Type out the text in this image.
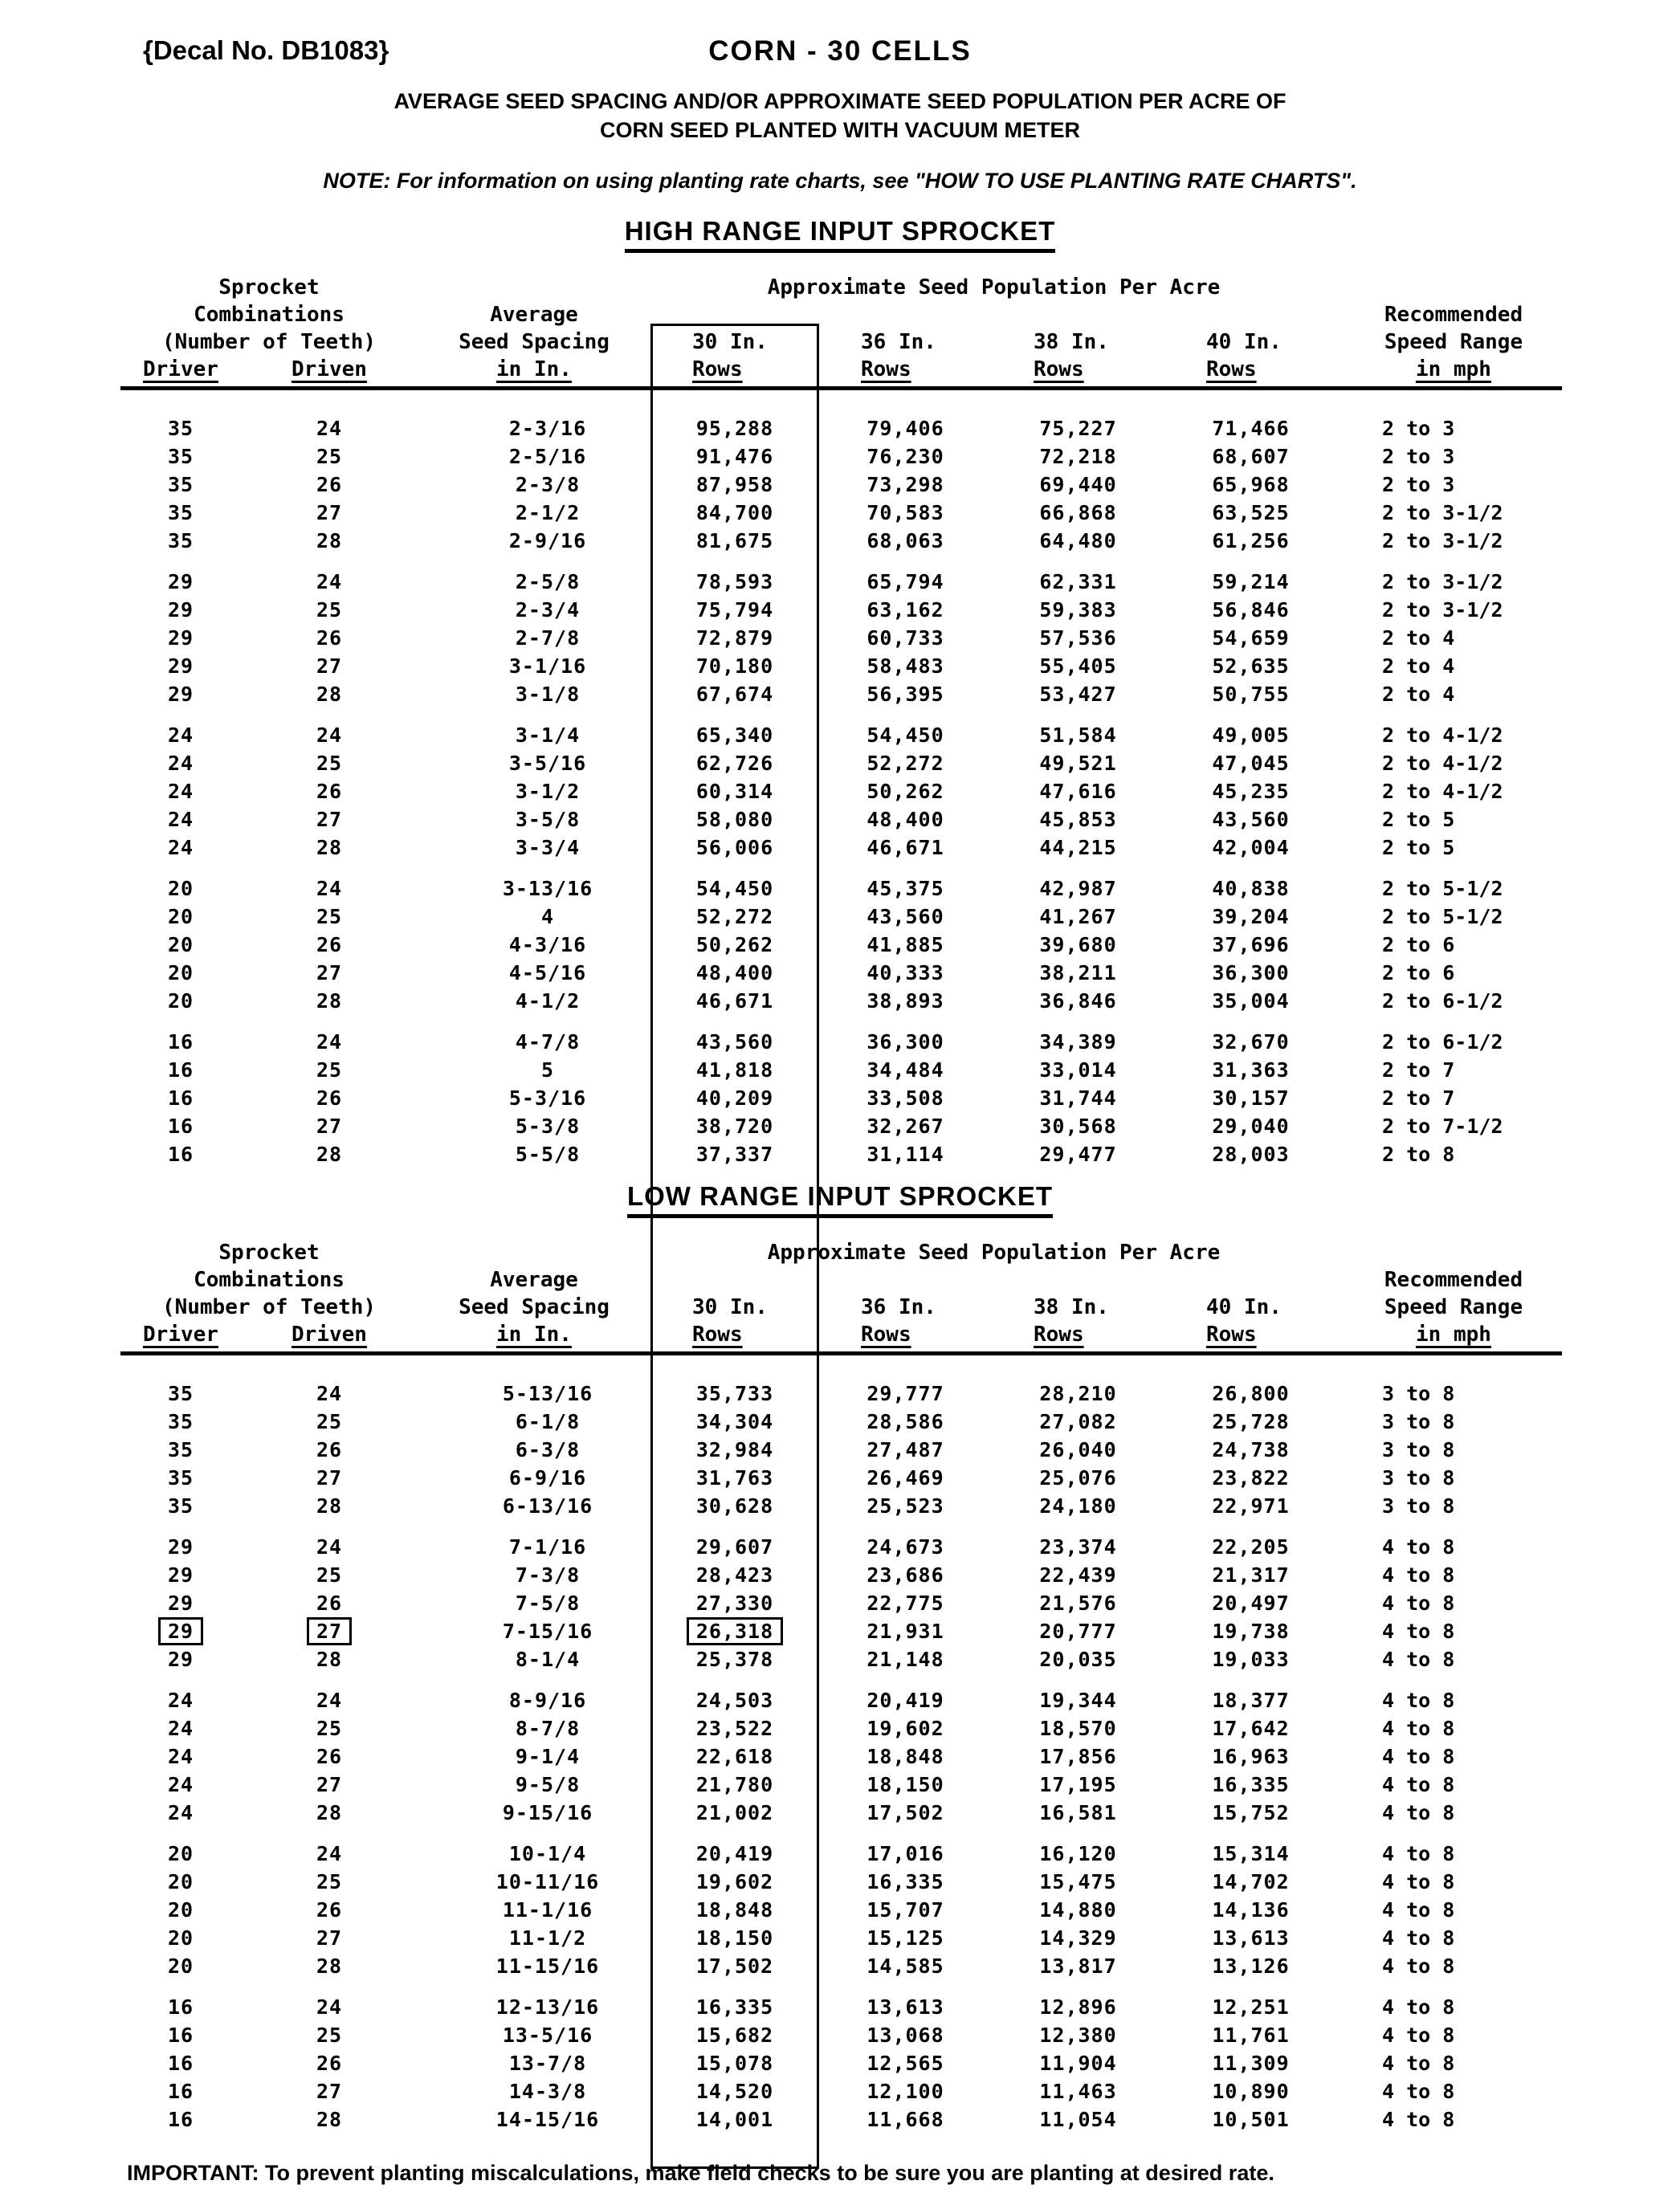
{Decal No. DB1083}	CORN - 30 CELLS
AVERAGE SEED SPACING AND/OR APPROXIMATE SEED POPULATION PER ACRE OF
CORN SEED PLANTED WITH VACUUM METER
NOTE: For information on using planting rate charts, see "HOW TO USE PLANTING RATE CHARTS".
HIGH RANGE INPUT SPROCKET
Sprocket	Approximate Seed Population Per Acre
Combinations	Average	Recommended
(Number of Teeth)	Seed Spacing	30 In.	36 In.	38 In.	40 In.	Speed Range
Driver	Driven	in In.	Rows	Rows	Rows	Rows	in mph
35	24	2-3/16	95,288	79,406	75,227	71,466	2 to 3
35	25	2-5/16	91,476	76,230	72,218	68,607	2 to 3
35	26	2-3/8	87,958	73,298	69,440	65,968	2 to 3
35	27	2-1/2	84,700	70,583	66,868	63,525	2 to 3-1/2
35	28	2-9/16	81,675	68,063	64,480	61,256	2 to 3-1/2
29	24	2-5/8	78,593	65,794	62,331	59,214	2 to 3-1/2
29	25	2-3/4	75,794	63,162	59,383	56,846	2 to 3-1/2
29	26	2-7/8	72,879	60,733	57,536	54,659	2 to 4
29	27	3-1/16	70,180	58,483	55,405	52,635	2 to 4
29	28	3-1/8	67,674	56,395	53,427	50,755	2 to 4
24	24	3-1/4	65,340	54,450	51,584	49,005	2 to 4-1/2
24	25	3-5/16	62,726	52,272	49,521	47,045	2 to 4-1/2
24	26	3-1/2	60,314	50,262	47,616	45,235	2 to 4-1/2
24	27	3-5/8	58,080	48,400	45,853	43,560	2 to 5
24	28	3-3/4	56,006	46,671	44,215	42,004	2 to 5
20	24	3-13/16	54,450	45,375	42,987	40,838	2 to 5-1/2
20	25	4	52,272	43,560	41,267	39,204	2 to 5-1/2
20	26	4-3/16	50,262	41,885	39,680	37,696	2 to 6
20	27	4-5/16	48,400	40,333	38,211	36,300	2 to 6
20	28	4-1/2	46,671	38,893	36,846	35,004	2 to 6-1/2
16	24	4-7/8	43,560	36,300	34,389	32,670	2 to 6-1/2
16	25	5	41,818	34,484	33,014	31,363	2 to 7
16	26	5-3/16	40,209	33,508	31,744	30,157	2 to 7
16	27	5-3/8	38,720	32,267	30,568	29,040	2 to 7-1/2
16	28	5-5/8	37,337	31,114	29,477	28,003	2 to 8
LOW RANGE INPUT SPROCKET
Sprocket	Approximate Seed Population Per Acre
Combinations	Average	Recommended
(Number of Teeth)	Seed Spacing	30 In.	36 In.	38 In.	40 In.	Speed Range
Driver	Driven	in In.	Rows	Rows	Rows	Rows	in mph
35	24	5-13/16	35,733	29,777	28,210	26,800	3 to 8
35	25	6-1/8	34,304	28,586	27,082	25,728	3 to 8
35	26	6-3/8	32,984	27,487	26,040	24,738	3 to 8
35	27	6-9/16	31,763	26,469	25,076	23,822	3 to 8
35	28	6-13/16	30,628	25,523	24,180	22,971	3 to 8
29	24	7-1/16	29,607	24,673	23,374	22,205	4 to 8
29	25	7-3/8	28,423	23,686	22,439	21,317	4 to 8
29	26	7-5/8	27,330	22,775	21,576	20,497	4 to 8
29	27	7-15/16	26,318	21,931	20,777	19,738	4 to 8
29	28	8-1/4	25,378	21,148	20,035	19,033	4 to 8
24	24	8-9/16	24,503	20,419	19,344	18,377	4 to 8
24	25	8-7/8	23,522	19,602	18,570	17,642	4 to 8
24	26	9-1/4	22,618	18,848	17,856	16,963	4 to 8
24	27	9-5/8	21,780	18,150	17,195	16,335	4 to 8
24	28	9-15/16	21,002	17,502	16,581	15,752	4 to 8
20	24	10-1/4	20,419	17,016	16,120	15,314	4 to 8
20	25	10-11/16	19,602	16,335	15,475	14,702	4 to 8
20	26	11-1/16	18,848	15,707	14,880	14,136	4 to 8
20	27	11-1/2	18,150	15,125	14,329	13,613	4 to 8
20	28	11-15/16	17,502	14,585	13,817	13,126	4 to 8
16	24	12-13/16	16,335	13,613	12,896	12,251	4 to 8
16	25	13-5/16	15,682	13,068	12,380	11,761	4 to 8
16	26	13-7/8	15,078	12,565	11,904	11,309	4 to 8
16	27	14-3/8	14,520	12,100	11,463	10,890	4 to 8
16	28	14-15/16	14,001	11,668	11,054	10,501	4 to 8
IMPORTANT: To prevent planting miscalculations, make field checks to be sure you are planting at desired rate.
